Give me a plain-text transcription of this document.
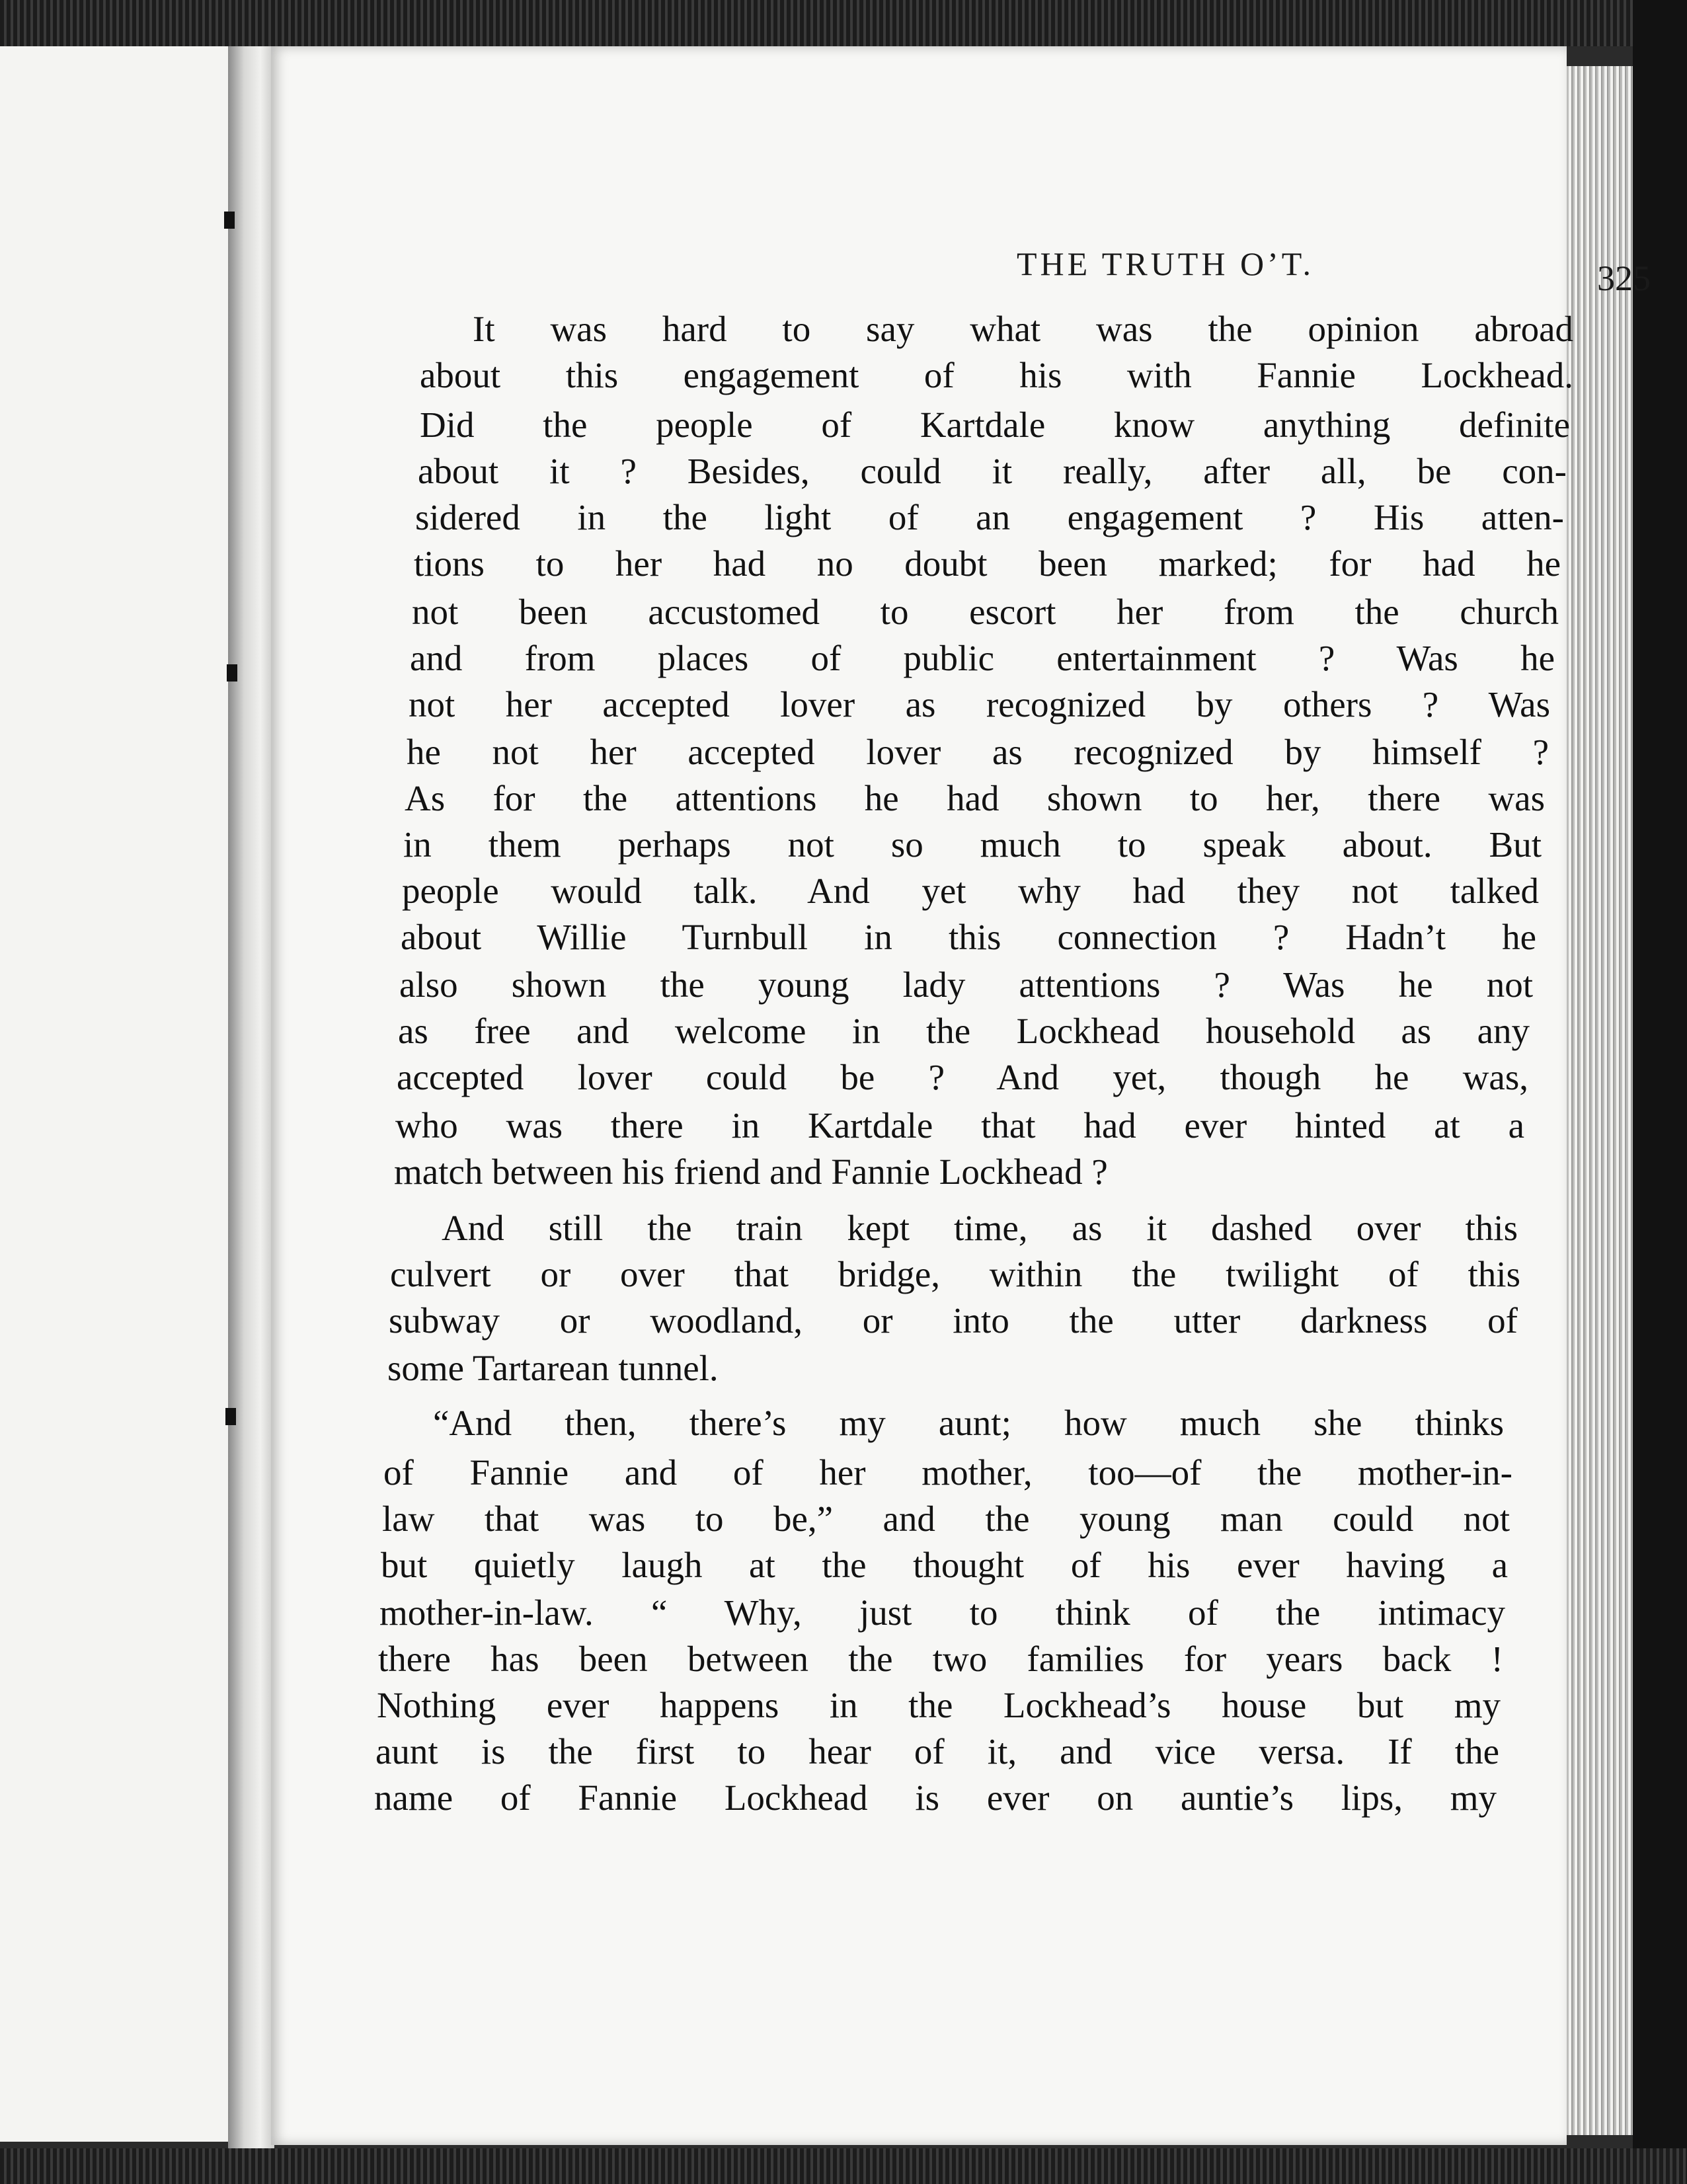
THE TRUTH O’T.	325
It was hard to say what was the opinion abroad
about this engagement of his with Fannie Lockhead.
Did the people of Kartdale know anything definite
about it ? Besides, could it really, after all, be con-
sidered in the light of an engagement ? His atten-
tions to her had no doubt been marked; for had he
not been accustomed to escort her from the church
and from places of public entertainment ? Was he
not her accepted lover as recognized by others ? Was
he not her accepted lover as recognized by himself ?
As for the attentions he had shown to her, there was
in them perhaps not so much to speak about. But
people would talk. And yet why had they not talked
about Willie Turnbull in this connection ? Hadn’t he
also shown the young lady attentions ? Was he not
as free and welcome in the Lockhead household as any
accepted lover could be ? And yet, though he was,
who was there in Kartdale that had ever hinted at a
match between his friend and Fannie Lockhead ?
And still the train kept time, as it dashed over this
culvert or over that bridge, within the twilight of this
subway or woodland, or into the utter darkness of
some Tartarean tunnel.
“And then, there’s my aunt; how much she thinks
of Fannie and of her mother, too—of the mother-in-
law that was to be,” and the young man could not
but quietly laugh at the thought of his ever having a
mother-in-law. “ Why, just to think of the intimacy
there has been between the two families for years back !
Nothing ever happens in the Lockhead’s house but my
aunt is the first to hear of it, and vice versa. If the
name of Fannie Lockhead is ever on auntie’s lips, my
